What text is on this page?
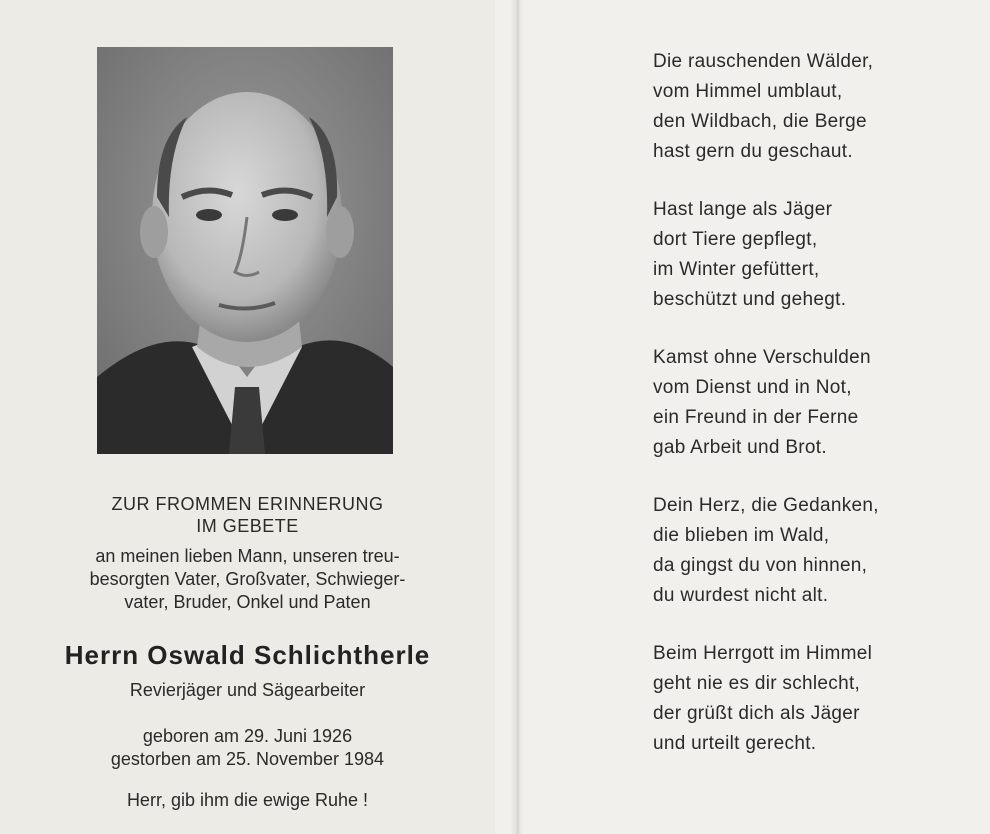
ZUR FROMMEN ERINNERUNG
IM GEBETE
an meinen lieben Mann, unseren treu-
besorgten Vater, Großvater, Schwieger-
vater, Bruder, Onkel und Paten
Herrn Oswald Schlichtherle
Revierjäger und Sägearbeiter
geboren am 29. Juni 1926
gestorben am 25. November 1984
Herr, gib ihm die ewige Ruhe !
Die rauschenden Wälder,
vom Himmel umblaut,
den Wildbach, die Berge
hast gern du geschaut.
Hast lange als Jäger
dort Tiere gepflegt,
im Winter gefüttert,
beschützt und gehegt.
Kamst ohne Verschulden
vom Dienst und in Not,
ein Freund in der Ferne
gab Arbeit und Brot.
Dein Herz, die Gedanken,
die blieben im Wald,
da gingst du von hinnen,
du wurdest nicht alt.
Beim Herrgott im Himmel
geht nie es dir schlecht,
der grüßt dich als Jäger
und urteilt gerecht.
